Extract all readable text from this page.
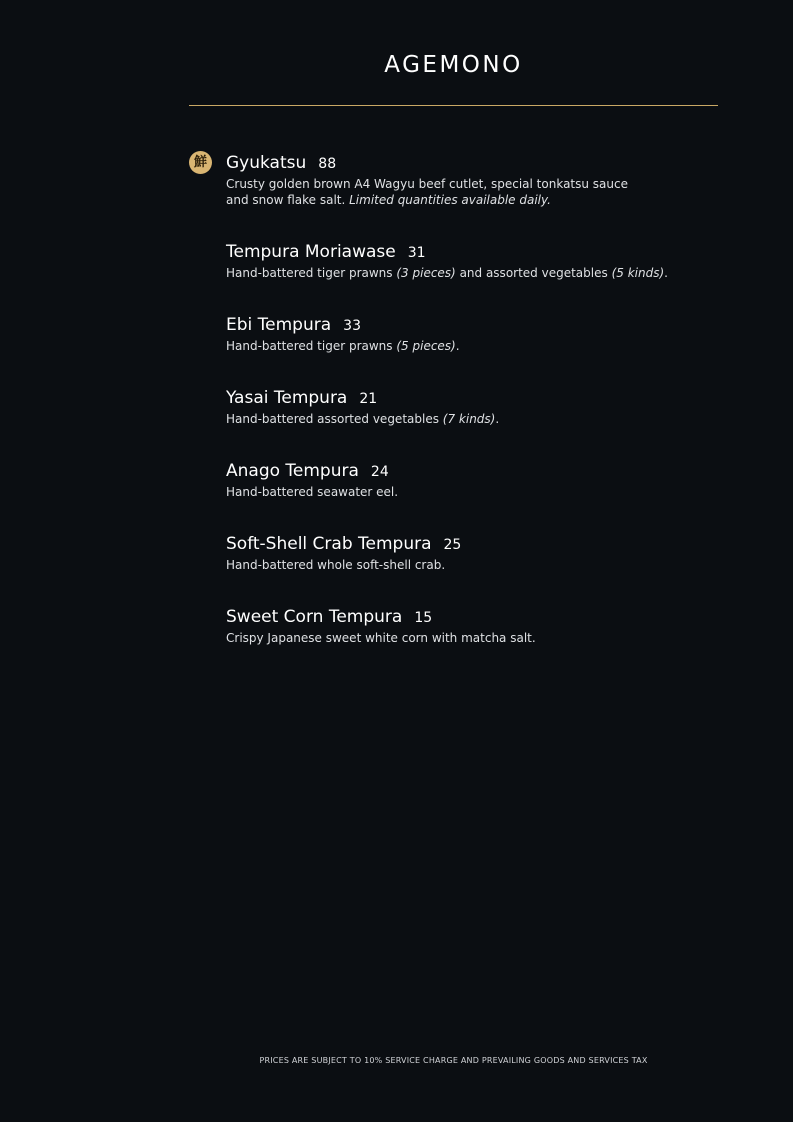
AGEMONO
鮮 Gyukatsu 88
Crusty golden brown A4 Wagyu beef cutlet, special tonkatsu sauce
and snow flake salt. Limited quantities available daily.
Tempura Moriawase 31
Hand-battered tiger prawns (3 pieces) and assorted vegetables (5 kinds).
Ebi Tempura 33
Hand-battered tiger prawns (5 pieces).
Yasai Tempura 21
Hand-battered assorted vegetables (7 kinds).
Anago Tempura 24
Hand-battered seawater eel.
Soft-Shell Crab Tempura 25
Hand-battered whole soft-shell crab.
Sweet Corn Tempura 15
Crispy Japanese sweet white corn with matcha salt.
PRICES ARE SUBJECT TO 10% SERVICE CHARGE AND PREVAILING GOODS AND SERVICES TAX
